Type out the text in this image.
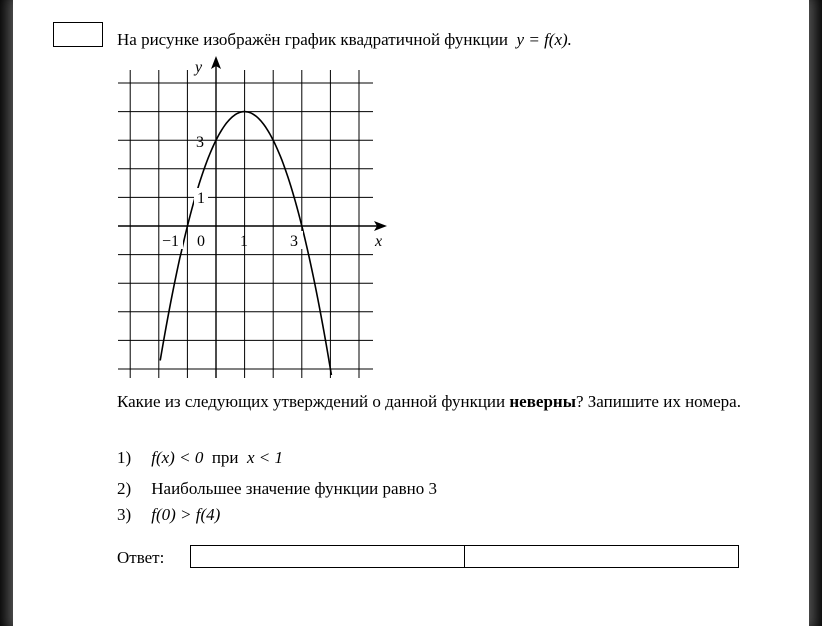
На рисунке изображён график квадратичной функции y = f(x).
y
x
3
1
−1 0 1	3
Какие из следующих утверждений о данной функции неверны? Запишите их номера.
1) f(x) < 0 при x < 1
2) Наибольшее значение функции равно 3
3) f(0) > f(4)
Ответ:
